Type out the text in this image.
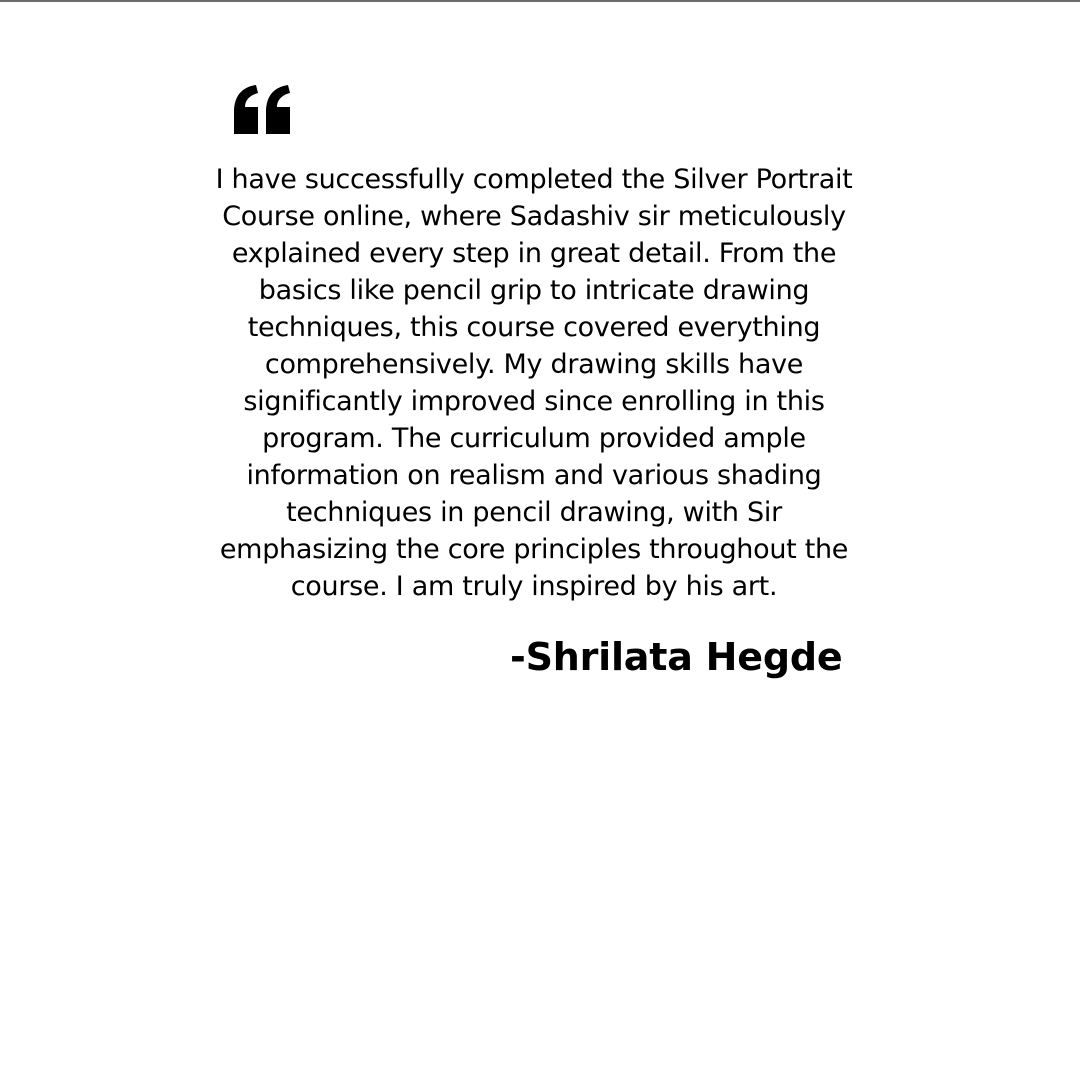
I have successfully completed the Silver Portrait
Course online, where Sadashiv sir meticulously
explained every step in great detail. From the
basics like pencil grip to intricate drawing
techniques, this course covered everything
comprehensively. My drawing skills have
significantly improved since enrolling in this
program. The curriculum provided ample
information on realism and various shading
techniques in pencil drawing, with Sir
emphasizing the core principles throughout the
course. I am truly inspired by his art.
-Shrilata Hegde
